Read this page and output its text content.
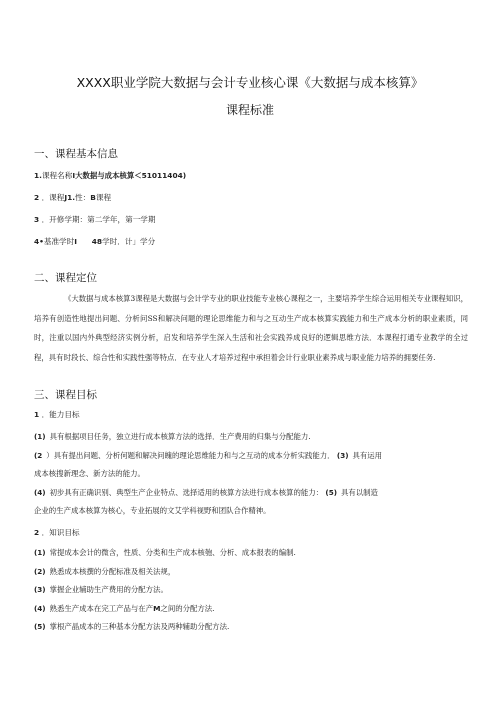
XXXX职业学院大数据与会计专业核心课《大数据与成本核算》
课程标准
一、课程基本信息
1.课程名称I大数据与成本核算＜51011404)
2 ．课程J1.性：B课程
3 ．开修学期：第二学年，第一学期
4•基准学时I　　48学时．计」学分
二、课程定位
《大数据与成本核算3课程是大数据与会计学专业的职业技能专业核心课程之一，主要培养学生综合运用相关专业课程知识，培养有创造性地提出问题、分析问SS和解决问题的理论思维能力和与之互动生产成本核算实践能力和生产成本分析的职业素质，同时，注重以国内外典型经济实例分析，启发和培养学生深入生活和社会实践养成良好的逻辑思维方法．本课程打通专业教学的全过程，具有时段长、综合性和实践性强等特点．在专业人才培养过程中承担着会计行业职业素养成与职业能力培养的拥要任务.
三、课程目标
1 ．能力目标
(1) 具有根据项目任务，独立进行成本核算方法的选择．生产费用的归集与分配能力.
(2 ）具有提出问题、分析何题和解决问魄的理论思维能力和与之互动的成本分析实践能力． (3) 具有运用
成本核搜新理念、新方法的能力。
(4) 初步具有正确识别、典型生产企业特点、选择适用的核算方法进行成本核算的能力： (5) 具有以制造
企业的生产成本核算为核心，专业拓展的文艾学科视野和团队合作精神。
2 ．知识目标
(1) 常提成本会计的微含，性质、分类和生产成本核匏、分析、成本报表的编制.
(2) 熟悉成本核撰的分配标准及相关法规，
(3) 掌握企业辅助生产费用的分配方法。
(4) 熟悉生产成本在完工产品与在产M之间的分配方法.
(5) 掌根产晶成本的三种基本分配方法及两种辅助分配方法.
